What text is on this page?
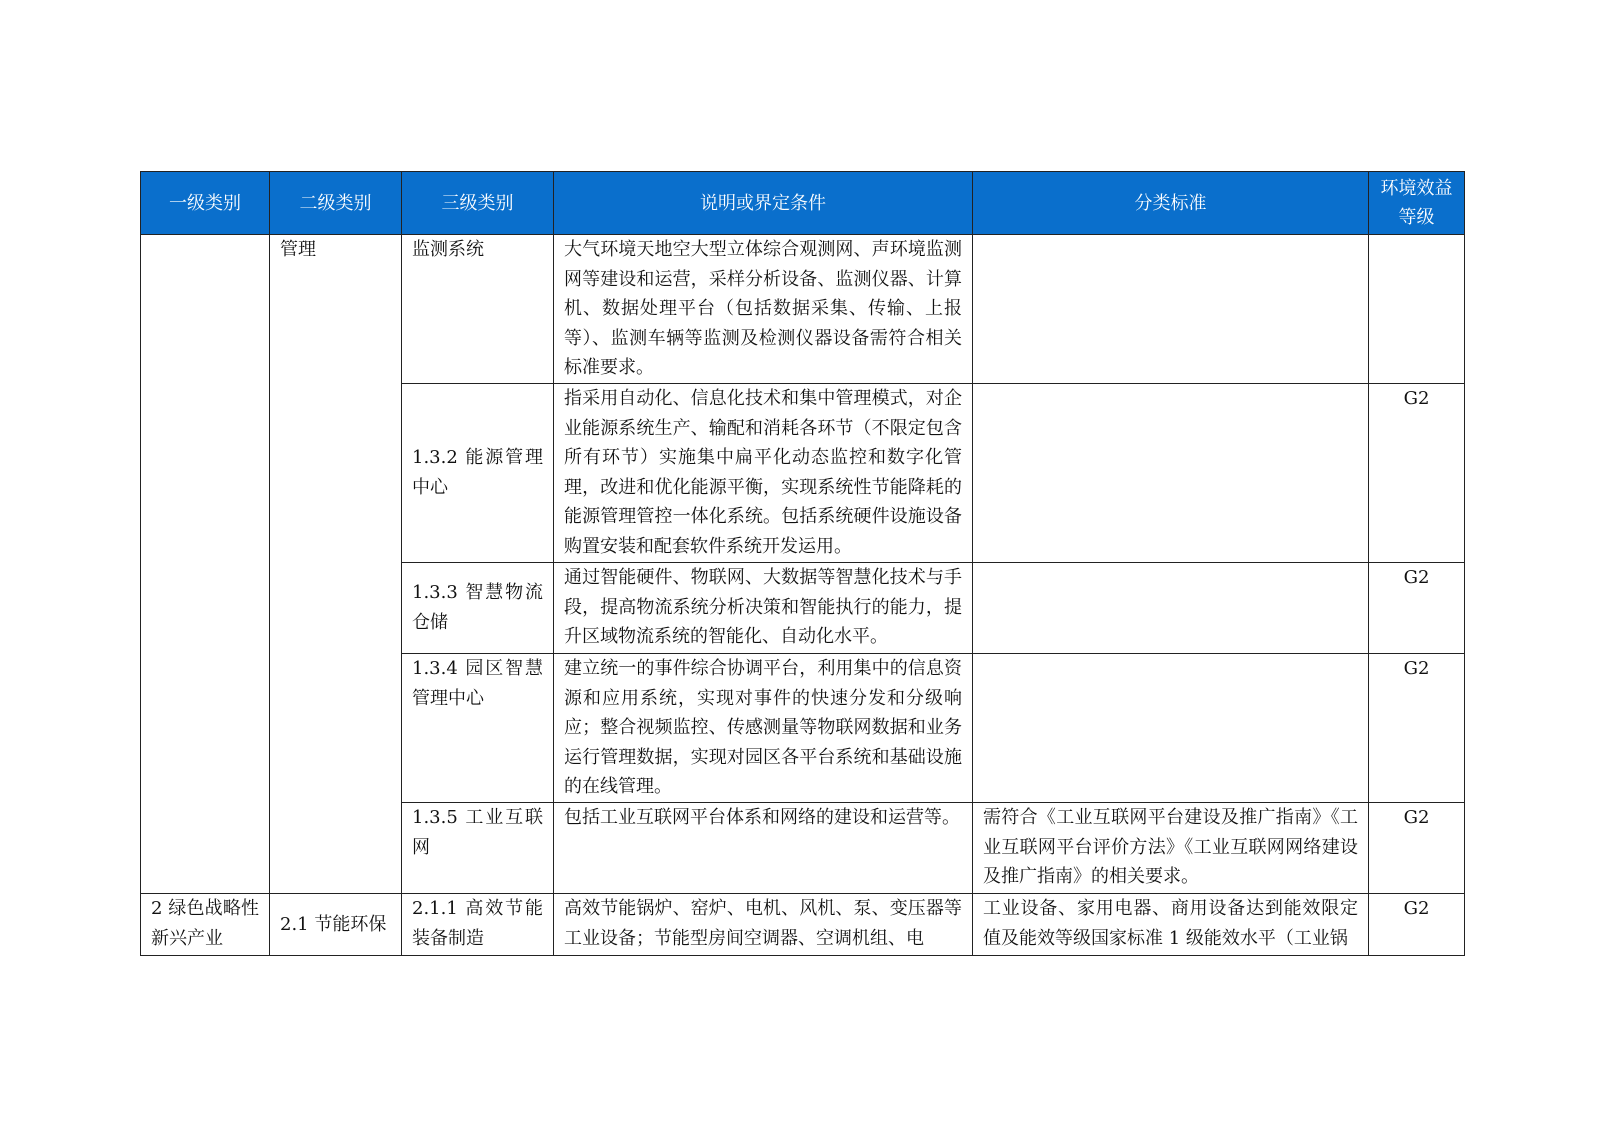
一级类别	二级类别	三级类别	说明或界定条件	分类标准	环境效益等级
	管理	监测系统	大气环境天地空大型立体综合观测网、声环境监测网等建设和运营，采样分析设备、监测仪器、计算机、数据处理平台（包括数据采集、传输、上报等）、监测车辆等监测及检测仪器设备需符合相关标准要求。		
		1.3.2 能源管理中心	指采用自动化、信息化技术和集中管理模式，对企业能源系统生产、输配和消耗各环节（不限定包含所有环节）实施集中扁平化动态监控和数字化管理，改进和优化能源平衡，实现系统性节能降耗的能源管理管控一体化系统。包括系统硬件设施设备购置安装和配套软件系统开发运用。		G2
		1.3.3 智慧物流仓储	通过智能硬件、物联网、大数据等智慧化技术与手段，提高物流系统分析决策和智能执行的能力，提升区域物流系统的智能化、自动化水平。		G2
		1.3.4 园区智慧管理中心	建立统一的事件综合协调平台，利用集中的信息资源和应用系统，实现对事件的快速分发和分级响应；整合视频监控、传感测量等物联网数据和业务运行管理数据，实现对园区各平台系统和基础设施的在线管理。		G2
		1.3.5 工业互联网	包括工业互联网平台体系和网络的建设和运营等。	需符合《工业互联网平台建设及推广指南》《工业互联网平台评价方法》《工业互联网网络建设及推广指南》的相关要求。	G2
2 绿色战略性新兴产业	2.1 节能环保	2.1.1 高效节能装备制造	高效节能锅炉、窑炉、电机、风机、泵、变压器等工业设备；节能型房间空调器、空调机组、电	工业设备、家用电器、商用设备达到能效限定值及能效等级国家标准 1 级能效水平（工业锅	G2
